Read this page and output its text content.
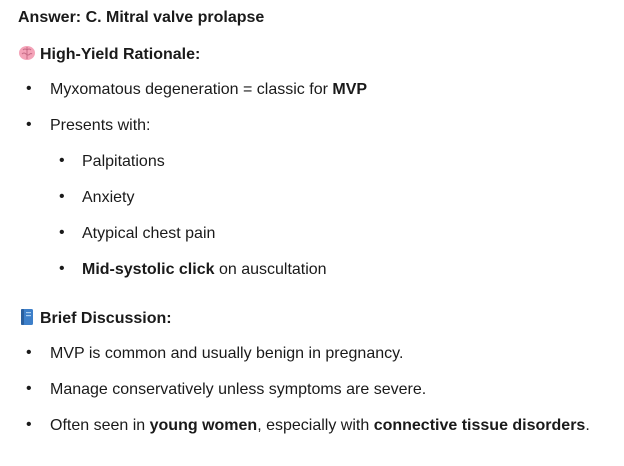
Answer: C. Mitral valve prolapse
High-Yield Rationale:
• Myxomatous degeneration = classic for MVP
• Presents with:
• Palpitations
• Anxiety
• Atypical chest pain
• Mid-systolic click on auscultation
Brief Discussion:
• MVP is common and usually benign in pregnancy.
• Manage conservatively unless symptoms are severe.
• Often seen in young women, especially with connective tissue disorders.
